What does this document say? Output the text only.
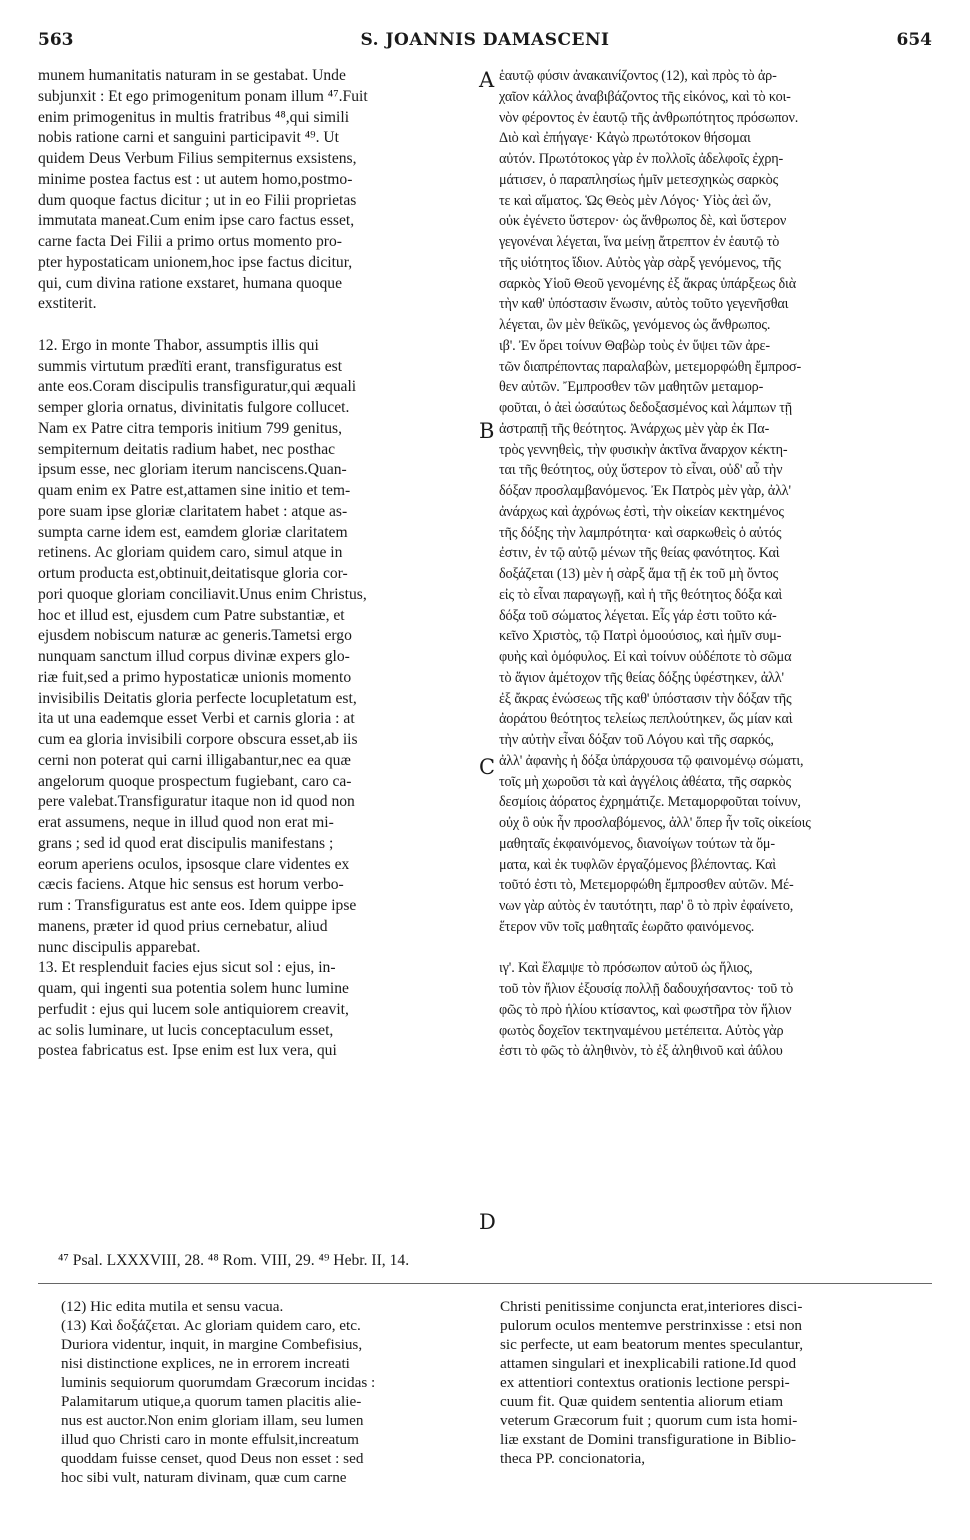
563	S. JOANNIS DAMASCENI	654
munem humanitatis naturam in se gestabat. Unde
subjunxit : Et ego primogenitum ponam illum ⁴⁷.Fuit
enim primogenitus in multis fratribus ⁴⁸,qui simili
nobis ratione carni et sanguini participavit ⁴⁹. Ut
quidem Deus Verbum Filius sempiternus exsistens,
minime postea factus est : ut autem homo,postmo-
dum quoque factus dicitur ; ut in eo Filii proprietas
immutata maneat.Cum enim ipse caro factus esset,
carne facta Dei Filii a primo ortus momento pro-
pter hypostaticam unionem,hoc ipse factus dicitur,
qui, cum divina ratione exstaret, humana quoque
exstiterit.
12. Ergo in monte Thabor, assumptis illis qui
summis virtutum prædïti erant, transfiguratus est
ante eos.Coram discipulis transfiguratur,qui æquali
semper gloria ornatus, divinitatis fulgore collucet.
Nam ex Patre citra temporis initium 799 genitus,
sempiternum deitatis radium habet, nec posthac
ipsum esse, nec gloriam iterum nanciscens.Quan-
quam enim ex Patre est,attamen sine initio et tem-
pore suam ipse gloriæ claritatem habet : atque as-
sumpta carne idem est, eamdem gloriæ claritatem
retinens. Ac gloriam quidem caro, simul atque in
ortum producta est,obtinuit,deitatisque gloria cor-
pori quoque gloriam conciliavit.Unus enim Christus,
hoc et illud est, ejusdem cum Patre substantiæ, et
ejusdem nobiscum naturæ ac generis.Tametsi ergo
nunquam sanctum illud corpus divinæ expers glo-
riæ fuit,sed a primo hypostaticæ unionis momento
invisibilis Deitatis gloria perfecte locupletatum est,
ita ut una eademque esset Verbi et carnis gloria : at
cum ea gloria invisibili corpore obscura esset,ab iis
cerni non poterat qui carni illigabantur,nec ea quæ
angelorum quoque prospectum fugiebant, caro ca-
pere valebat.Transfiguratur itaque non id quod non
erat assumens, neque in illud quod non erat mi-
grans ; sed id quod erat discipulis manifestans ;
eorum aperiens oculos, ipsosque clare videntes ex
cæcis faciens. Atque hic sensus est horum verbo-
rum : Transfiguratus est ante eos. Idem quippe ipse
manens, præter id quod prius cernebatur, aliud
nunc discipulis apparebat.
13. Et resplenduit facies ejus sicut sol : ejus, in-
quam, qui ingenti sua potentia solem hunc lumine
perfudit : ejus qui lucem sole antiquiorem creavit,
ac solis luminare, ut lucis conceptaculum esset,
postea fabricatus est. Ipse enim est lux vera, qui
ἑαυτῷ φύσιν ἀνακαινίζοντος (12), καὶ πρὸς τὸ ἀρ-
χαῖον κάλλος ἀναβιβάζοντος τῆς εἰκόνος, καὶ τὸ κοι-
νὸν φέροντος ἐν ἑαυτῷ τῆς ἀνθρωπότητος πρόσωπον.
Διὸ καὶ ἐπήγαγε· Κἀγὼ πρωτότοκον θήσομαι
αὐτόν. Πρωτότοκος γὰρ ἐν πολλοῖς ἀδελφοῖς ἐχρη-
μάτισεν, ὁ παραπλησίως ἡμῖν μετεσχηκὼς σαρκὸς
τε καὶ αἵματος. Ὡς Θεὸς μὲν Λόγος· Υἱὸς ἀεὶ ὤν,
οὐκ ἐγένετο ὕστερον· ὡς ἄνθρωπος δὲ, καὶ ὕστερον
γεγονέναι λέγεται, ἵνα μείνῃ ἄτρεπτον ἐν ἑαυτῷ τὸ
τῆς υἱότητος ἴδιον. Αὐτὸς γὰρ σὰρξ γενόμενος, τῆς
σαρκὸς Υἱοῦ Θεοῦ γενομένης ἐξ ἄκρας ὑπάρξεως διὰ
τὴν καθ' ὑπόστασιν ἕνωσιν, αὐτὸς τοῦτο γεγενῆσθαι
λέγεται, ὢν μὲν θεϊκῶς, γενόμενος ὡς ἄνθρωπος.
ιβ'. Ἐν ὄρει τοίνυν Θαβὼρ τοὺς ἐν ὕψει τῶν ἀρε-
τῶν διαπρέποντας παραλαβὼν, μετεμορφώθη ἔμπροσ-
θεν αὐτῶν. Ἔμπροσθεν τῶν μαθητῶν μεταμορ-
φοῦται, ὁ ἀεὶ ὡσαύτως δεδοξασμένος καὶ λάμπων τῇ
ἀστραπῇ τῆς θεότητος. Ἀνάρχως μὲν γὰρ ἐκ Πα-
τρὸς γεννηθεὶς, τὴν φυσικὴν ἀκτῖνα ἄναρχον κέκτη-
ται τῆς θεότητος, οὐχ ὕστερον τὸ εἶναι, οὐδ' αὖ τὴν
δόξαν προσλαμβανόμενος. Ἐκ Πατρὸς μὲν γὰρ, ἀλλ'
ἀνάρχως καὶ ἀχρόνως ἐστὶ, τὴν οἰκείαν κεκτημένος
τῆς δόξης τὴν λαμπρότητα· καὶ σαρκωθεὶς ὁ αὐτός
ἐστιν, ἐν τῷ αὐτῷ μένων τῆς θείας φανότητος. Καὶ
δοξάζεται (13) μὲν ἡ σὰρξ ἅμα τῇ ἐκ τοῦ μὴ ὄντος
εἰς τὸ εἶναι παραγωγῇ, καὶ ἡ τῆς θεότητος δόξα καὶ
δόξα τοῦ σώματος λέγεται. Εἷς γάρ ἐστι τοῦτο κά-
κεῖνο Χριστὸς, τῷ Πατρὶ ὁμοούσιος, καὶ ἡμῖν συμ-
φυὴς καὶ ὁμόφυλος. Εἰ καὶ τοίνυν οὐδέποτε τὸ σῶμα
τὸ ἅγιον ἀμέτοχον τῆς θείας δόξης ὑφέστηκεν, ἀλλ'
ἐξ ἄκρας ἐνώσεως τῆς καθ' ὑπόστασιν τὴν δόξαν τῆς
ἀοράτου θεότητος τελείως πεπλούτηκεν, ὥς μίαν καὶ
τὴν αὐτὴν εἶναι δόξαν τοῦ Λόγου καὶ τῆς σαρκός,
ἀλλ' ἀφανὴς ἡ δόξα ὑπάρχουσα τῷ φαινομένῳ σώματι,
τοῖς μὴ χωροῦσι τὰ καὶ ἀγγέλοις ἀθέατα, τῆς σαρκὸς
δεσμίοις ἀόρατος ἐχρημάτιζε. Μεταμορφοῦται τοίνυν,
οὐχ ὃ οὐκ ἦν προσλαβόμενος, ἀλλ' ὅπερ ἦν τοῖς οἰκείοις
μαθηταῖς ἐκφαινόμενος, διανοίγων τούτων τὰ ὄμ-
ματα, καὶ ἐκ τυφλῶν ἐργαζόμενος βλέποντας. Καὶ
τοῦτό ἐστι τὸ, Μετεμορφώθη ἔμπροσθεν αὐτῶν. Μέ-
νων γὰρ αὐτὸς ἐν ταυτότητι, παρ' ὃ τὸ πρὶν ἐφαίνετο,
ἕτερον νῦν τοῖς μαθηταῖς ἑωρᾶτο φαινόμενος.
ιγ'. Καὶ ἔλαμψε τὸ πρόσωπον αὐτοῦ ὡς ἥλιος,
τοῦ τὸν ἥλιον ἐξουσίᾳ πολλῇ δαδουχήσαντος· τοῦ τὸ
φῶς τὸ πρὸ ἡλίου κτίσαντος, καὶ φωστῆρα τὸν ἥλιον
φωτὸς δοχεῖον τεκτηναμένου μετέπειτα. Αὐτὸς γὰρ
ἐστι τὸ φῶς τὸ ἀληθινὸν, τὸ ἐξ ἀληθινοῦ καὶ ἀΰλου
A
B
C
D
⁴⁷ Psal. LXXXVIII, 28. ⁴⁸ Rom. VIII, 29. ⁴⁹ Hebr. II, 14.
(12) Hic edita mutila et sensu vacua.
(13) Καὶ δοξάζεται. Ac gloriam quidem caro, etc.
Duriora videntur, inquit, in margine Combefisius,
nisi distinctione explices, ne in errorem increati
luminis sequiorum quorumdam Græcorum incidas :
Palamitarum utique,a quorum tamen placitis alie-
nus est auctor.Non enim gloriam illam, seu lumen
illud quo Christi caro in monte effulsit,increatum
quoddam fuisse censet, quod Deus non esset : sed
hoc sibi vult, naturam divinam, quæ cum carne
Christi penitissime conjuncta erat,interiores disci-
pulorum oculos mentemve perstrinxisse : etsi non
sic perfecte, ut eam beatorum mentes speculantur,
attamen singulari et inexplicabili ratione.Id quod
ex attentiori contextus orationis lectione perspi-
cuum fit. Quæ quidem sententia aliorum etiam
veterum Græcorum fuit ; quorum cum ista homi-
liæ exstant de Domini transfiguratione in Biblio-
theca PP. concionatoria,
